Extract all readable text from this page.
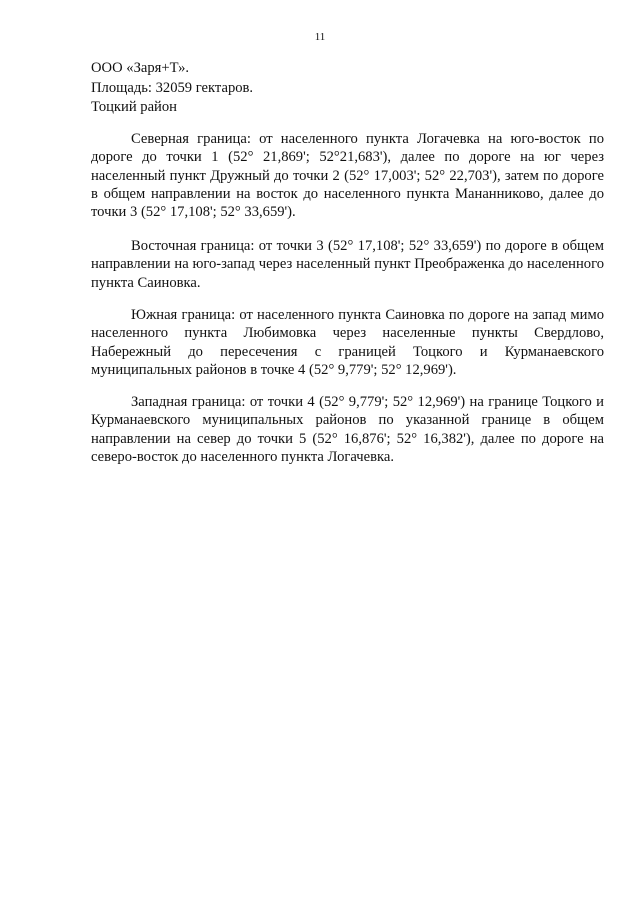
11
ООО «Заря+Т».
Площадь: 32059 гектаров.
Тоцкий район

Северная граница: от населенного пункта Логачевка на юго-восток по дороге до точки 1 (52° 21,869'; 52°21,683'), далее по дороге на юг через населенный пункт Дружный до точки 2 (52° 17,003'; 52° 22,703'), затем по дороге в общем направлении на восток до населенного пункта Мананниково, далее до точки 3 (52° 17,108'; 52° 33,659').

Восточная граница: от точки 3 (52° 17,108'; 52° 33,659') по дороге в общем направлении на юго-запад через населенный пункт Преображенка до населенного пункта Саиновка.

Южная граница: от населенного пункта Саиновка по дороге на запад мимо населенного пункта Любимовка через населенные пункты Свердлово, Набережный до пересечения с границей Тоцкого и Курманаевского муниципальных районов в точке 4 (52° 9,779'; 52° 12,969').

Западная граница: от точки 4 (52° 9,779'; 52° 12,969') на границе Тоцкого и Курманаевского муниципальных районов по указанной границе в общем направлении на север до точки 5 (52° 16,876'; 52° 16,382'), далее по дороге на северо-восток до населенного пункта Логачевка.
